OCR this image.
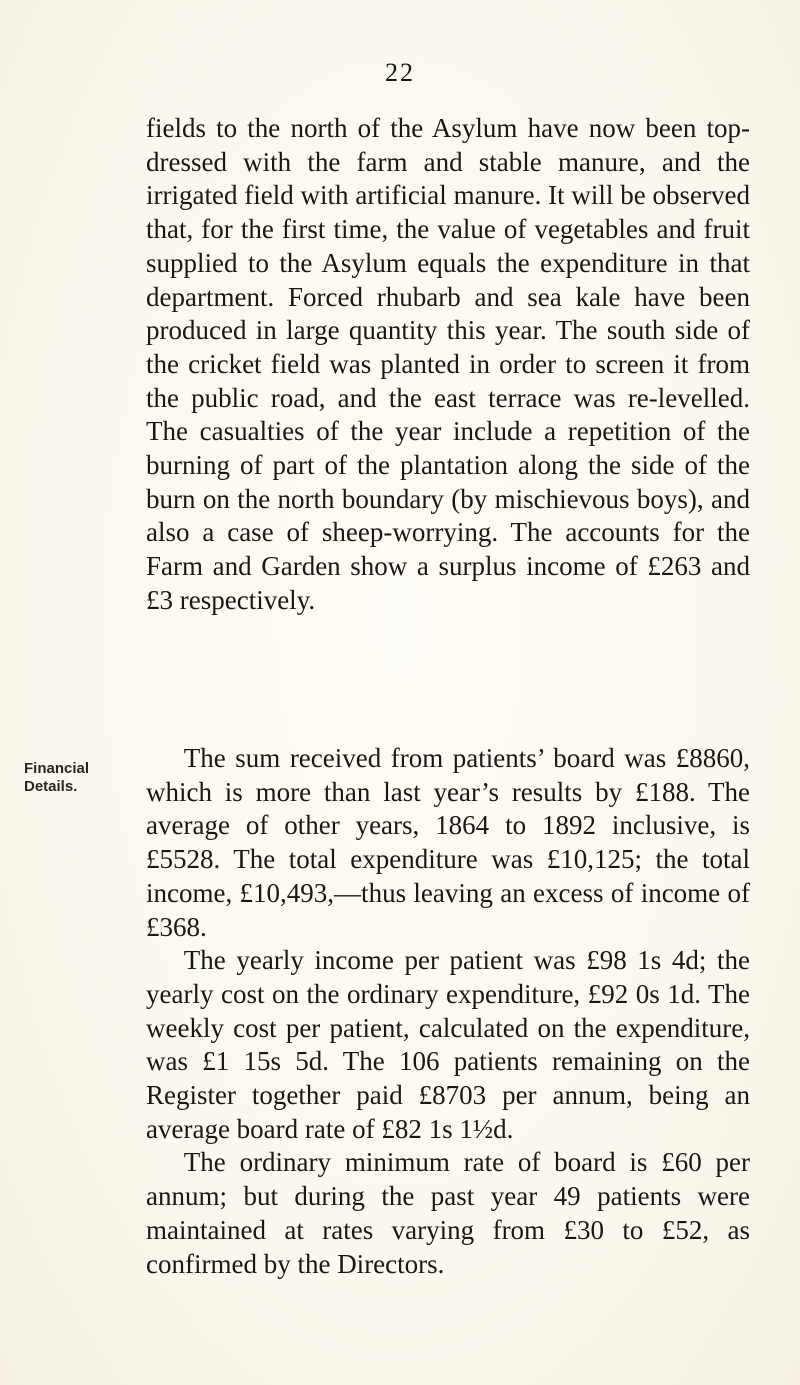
22

fields to the north of the Asylum have now been top-dressed with the farm and stable manure, and the irrigated field with artificial manure. It will be observed that, for the first time, the value of vegetables and fruit supplied to the Asylum equals the expenditure in that department. Forced rhubarb and sea kale have been produced in large quantity this year. The south side of the cricket field was planted in order to screen it from the public road, and the east terrace was re-levelled. The casualties of the year include a repetition of the burning of part of the plantation along the side of the burn on the north boundary (by mischievous boys), and also a case of sheep-worrying. The accounts for the Farm and Garden show a surplus income of £263 and £3 respectively.

Financial
Details.

The sum received from patients’ board was £8860, which is more than last year’s results by £188. The average of other years, 1864 to 1892 inclusive, is £5528. The total expenditure was £10,125; the total income, £10,493,—thus leaving an excess of income of £368.

The yearly income per patient was £98 1s 4d; the yearly cost on the ordinary expenditure, £92 0s 1d. The weekly cost per patient, calculated on the expenditure, was £1 15s 5d. The 106 patients remaining on the Register together paid £8703 per annum, being an average board rate of £82 1s 1½d.

The ordinary minimum rate of board is £60 per annum; but during the past year 49 patients were maintained at rates varying from £30 to £52, as confirmed by the Directors.
